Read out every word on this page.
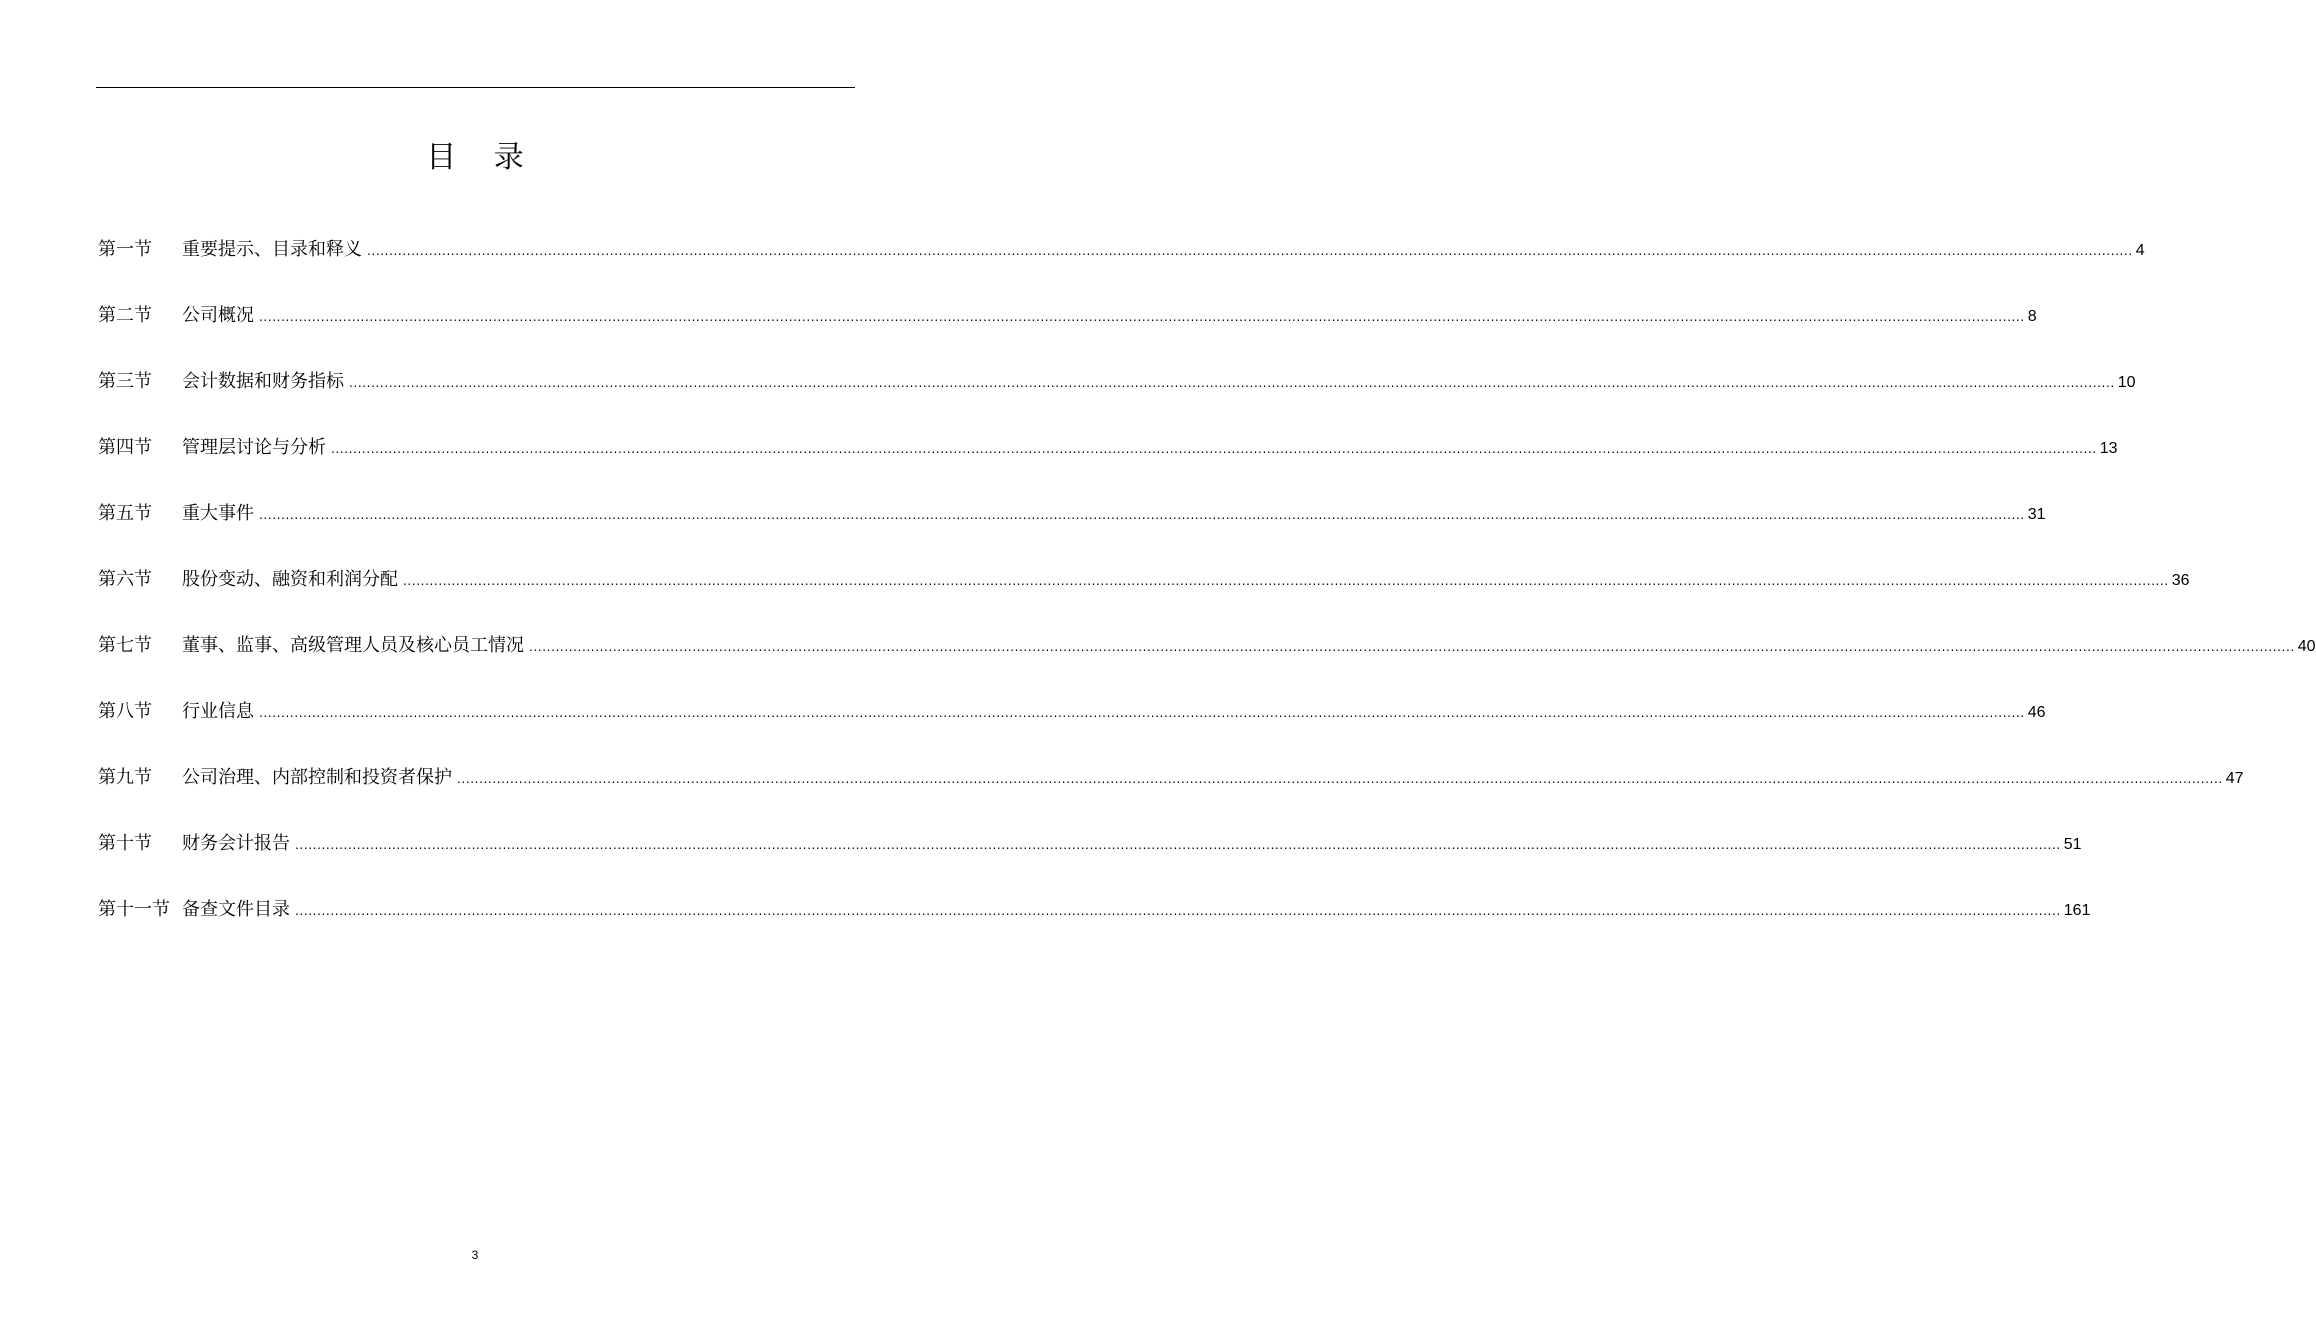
目 录
第一节	重要提示、目录和释义 ................................................................................................................................................................................................................................................................................................................................................................................................................ 4
第二节	公司概况 ................................................................................................................................................................................................................................................................................................................................................................................................................ 8
第三节	会计数据和财务指标 ................................................................................................................................................................................................................................................................................................................................................................................................................ 10
第四节	管理层讨论与分析 ................................................................................................................................................................................................................................................................................................................................................................................................................ 13
第五节	重大事件 ................................................................................................................................................................................................................................................................................................................................................................................................................ 31
第六节	股份变动、融资和利润分配 ................................................................................................................................................................................................................................................................................................................................................................................................................ 36
第七节	董事、监事、高级管理人员及核心员工情况 ................................................................................................................................................................................................................................................................................................................................................................................................................ 40
第八节	行业信息 ................................................................................................................................................................................................................................................................................................................................................................................................................ 46
第九节	公司治理、内部控制和投资者保护 ................................................................................................................................................................................................................................................................................................................................................................................................................ 47
第十节	财务会计报告 ................................................................................................................................................................................................................................................................................................................................................................................................................ 51
第十一节 备查文件目录 ................................................................................................................................................................................................................................................................................................................................................................................................................ 161
3
